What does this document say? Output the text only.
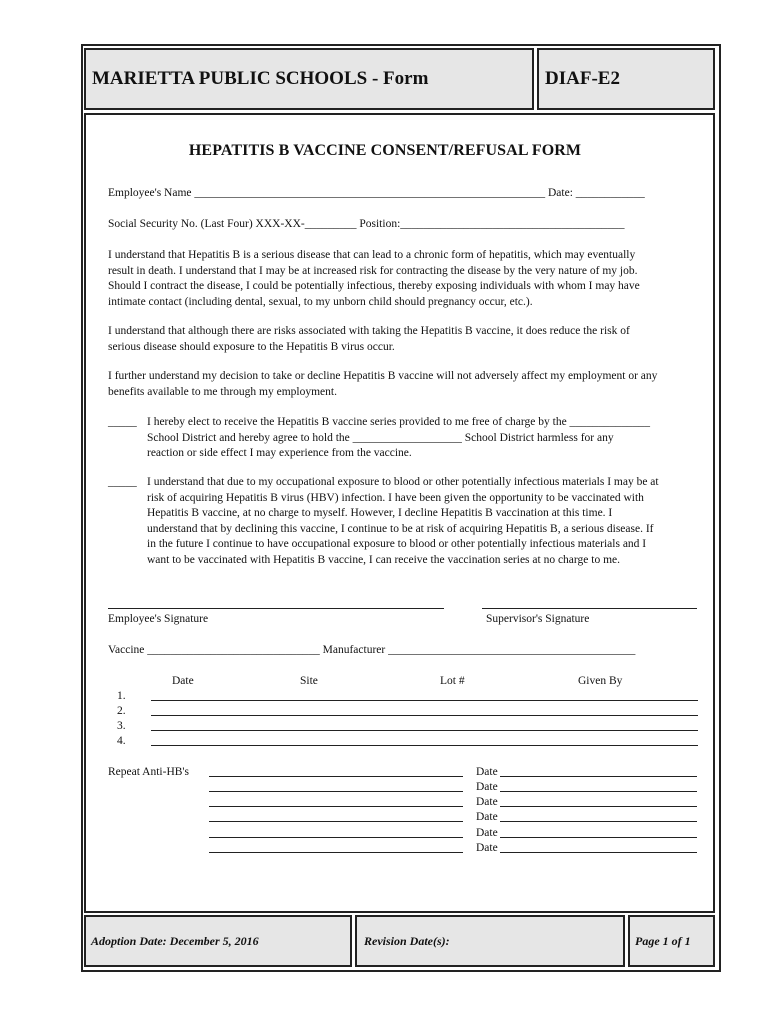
MARIETTA PUBLIC SCHOOLS - Form	DIAF-E2
HEPATITIS B VACCINE CONSENT/REFUSAL FORM
Employee's Name _____________________________________________________________ Date: ____________
Social Security No. (Last Four) XXX-XX-_________ Position:_______________________________________
I understand that Hepatitis B is a serious disease that can lead to a chronic form of hepatitis, which may eventually
result in death. I understand that I may be at increased risk for contracting the disease by the very nature of my job.
Should I contract the disease, I could be potentially infectious, thereby exposing individuals with whom I may have
intimate contact (including dental, sexual, to my unborn child should pregnancy occur, etc.).
I understand that although there are risks associated with taking the Hepatitis B vaccine, it does reduce the risk of
serious disease should exposure to the Hepatitis B virus occur.
I further understand my decision to take or decline Hepatitis B vaccine will not adversely affect my employment or any
benefits available to me through my employment.
_____ I hereby elect to receive the Hepatitis B vaccine series provided to me free of charge by the ______________
School District and hereby agree to hold the ___________________ School District harmless for any
reaction or side effect I may experience from the vaccine.
_____ I understand that due to my occupational exposure to blood or other potentially infectious materials I may be at
risk of acquiring Hepatitis B virus (HBV) infection. I have been given the opportunity to be vaccinated with
Hepatitis B vaccine, at no charge to myself. However, I decline Hepatitis B vaccination at this time. I
understand that by declining this vaccine, I continue to be at risk of acquiring Hepatitis B, a serious disease. If
in the future I continue to have occupational exposure to blood or other potentially infectious materials and I
want to be vaccinated with Hepatitis B vaccine, I can receive the vaccination series at no charge to me.
Employee's Signature	Supervisor's Signature
Vaccine ______________________________ Manufacturer ___________________________________________
Date	Site	Lot #	Given By
1.
2.
3.
4.
Repeat Anti-HB's	Date
Date
Date
Date
Date
Date
Adoption Date: December 5, 2016	Revision Date(s):	Page 1 of 1
